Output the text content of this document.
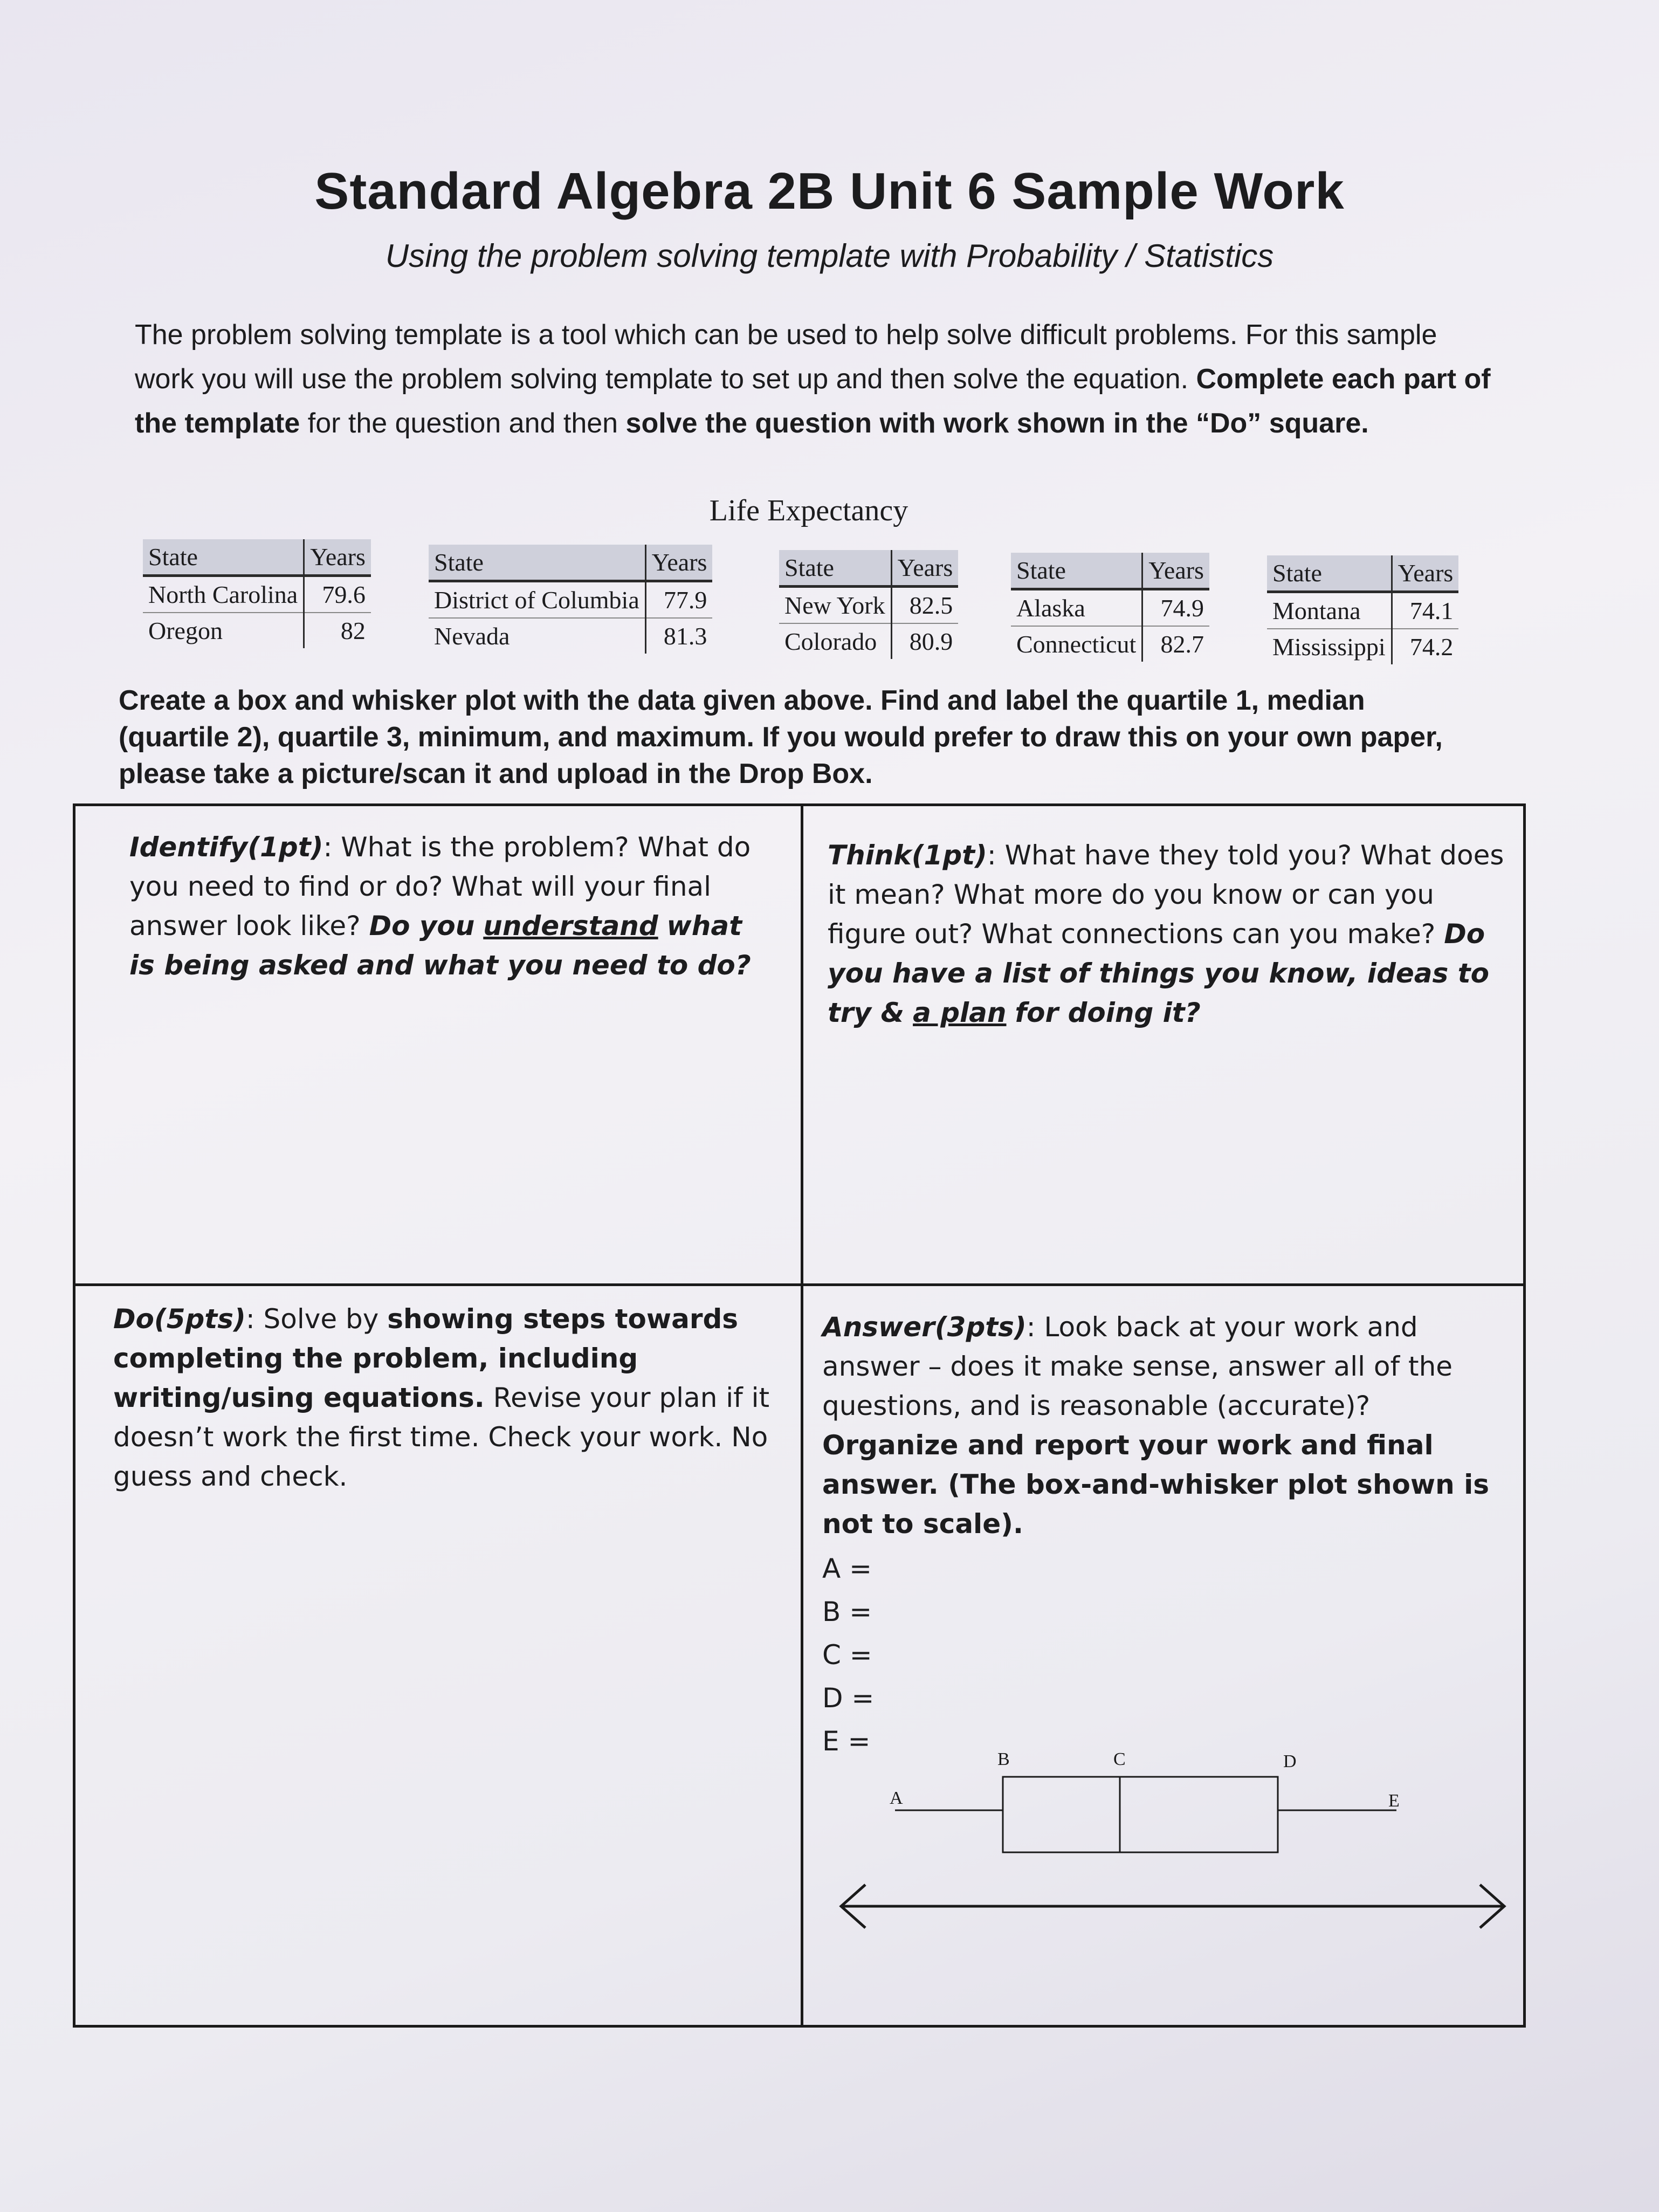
Standard Algebra 2B Unit 6 Sample Work
Using the problem solving template with Probability / Statistics
The problem solving template is a tool which can be used to help solve difficult problems. For this sample work you will use the problem solving template to set up and then solve the equation. Complete each part of the template for the question and then solve the question with work shown in the “Do” square.
Life Expectancy
State	Years
North Carolina	79.6
Oregon	82
State	Years
District of Columbia	77.9
Nevada	81.3
State	Years
New York	82.5
Colorado	80.9
State	Years
Alaska	74.9
Connecticut	82.7
State	Years
Montana	74.1
Mississippi	74.2
Create a box and whisker plot with the data given above. Find and label the quartile 1, median (quartile 2), quartile 3, minimum, and maximum. If you would prefer to draw this on your own paper, please take a picture/scan it and upload in the Drop Box.
Identify(1pt): What is the problem? What do you need to find or do? What will your final answer look like? Do you understand what is being asked and what you need to do?
Think(1pt): What have they told you? What does it mean? What more do you know or can you figure out? What connections can you make? Do you have a list of things you know, ideas to try & a plan for doing it?
Do(5pts): Solve by showing steps towards completing the problem, including writing/using equations. Revise your plan if it doesn’t work the first time. Check your work. No guess and check.
Answer(3pts): Look back at your work and answer – does it make sense, answer all of the questions, and is reasonable (accurate)? Organize and report your work and final answer. (The box-and-whisker plot shown is not to scale).
A =
B =
C =
D =
E =
B	C	D
A	E
